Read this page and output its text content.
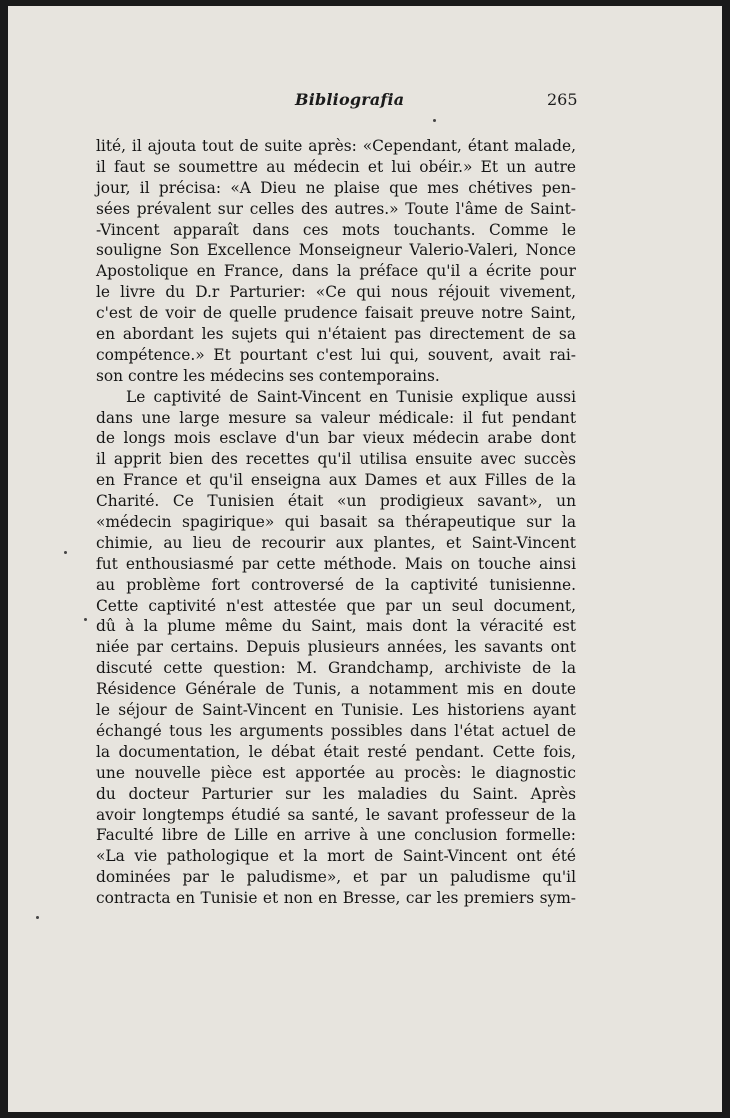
Bibliografia	265
lité, il ajouta tout de suite après: «Cependant, étant malade,
il faut se soumettre au médecin et lui obéir.» Et un autre
jour, il précisa: «A Dieu ne plaise que mes chétives pen-
sées prévalent sur celles des autres.» Toute l'âme de Saint-
-Vincent apparaît dans ces mots touchants. Comme le
souligne Son Excellence Monseigneur Valerio-Valeri, Nonce
Apostolique en France, dans la préface qu'il a écrite pour
le livre du D.r Parturier: «Ce qui nous réjouit vivement,
c'est de voir de quelle prudence faisait preuve notre Saint,
en abordant les sujets qui n'étaient pas directement de sa
compétence.» Et pourtant c'est lui qui, souvent, avait rai-
son contre les médecins ses contemporains.
Le captivité de Saint-Vincent en Tunisie explique aussi
dans une large mesure sa valeur médicale: il fut pendant
de longs mois esclave d'un bar vieux médecin arabe dont
il apprit bien des recettes qu'il utilisa ensuite avec succès
en France et qu'il enseigna aux Dames et aux Filles de la
Charité. Ce Tunisien était «un prodigieux savant», un
«médecin spagirique» qui basait sa thérapeutique sur la
chimie, au lieu de recourir aux plantes, et Saint-Vincent
fut enthousiasmé par cette méthode. Mais on touche ainsi
au problème fort controversé de la captivité tunisienne.
Cette captivité n'est attestée que par un seul document,
dû à la plume même du Saint, mais dont la véracité est
niée par certains. Depuis plusieurs années, les savants ont
discuté cette question: M. Grandchamp, archiviste de la
Résidence Générale de Tunis, a notamment mis en doute
le séjour de Saint-Vincent en Tunisie. Les historiens ayant
échangé tous les arguments possibles dans l'état actuel de
la documentation, le débat était resté pendant. Cette fois,
une nouvelle pièce est apportée au procès: le diagnostic
du docteur Parturier sur les maladies du Saint. Après
avoir longtemps étudié sa santé, le savant professeur de la
Faculté libre de Lille en arrive à une conclusion formelle:
«La vie pathologique et la mort de Saint-Vincent ont été
dominées par le paludisme», et par un paludisme qu'il
contracta en Tunisie et non en Bresse, car les premiers sym-
